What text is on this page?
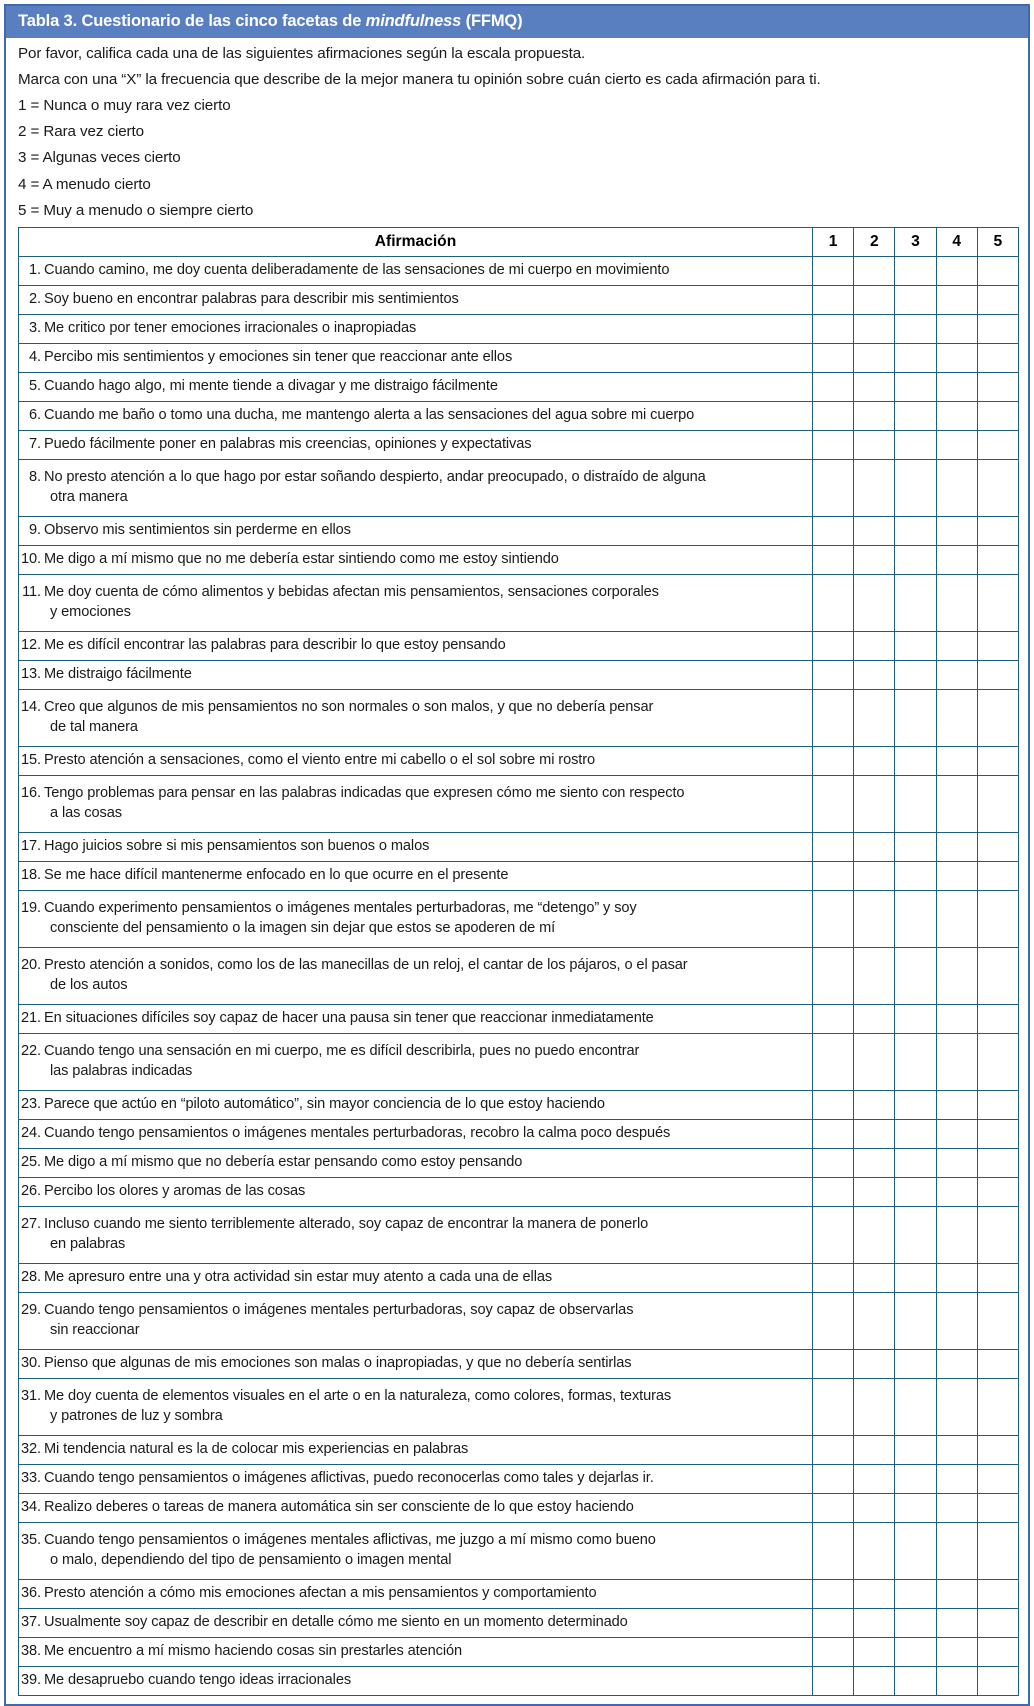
Tabla 3. Cuestionario de las cinco facetas de mindfulness (FFMQ)
Por favor, califica cada una de las siguientes afirmaciones según la escala propuesta.
Marca con una “X” la frecuencia que describe de la mejor manera tu opinión sobre cuán cierto es cada afirmación para ti.
1 = Nunca o muy rara vez cierto
2 = Rara vez cierto
3 = Algunas veces cierto
4 = A menudo cierto
5 = Muy a menudo o siempre cierto
Afirmación	1	2	3	4	5
1. Cuando camino, me doy cuenta deliberadamente de las sensaciones de mi cuerpo en movimiento					
2. Soy bueno en encontrar palabras para describir mis sentimientos					
3. Me critico por tener emociones irracionales o inapropiadas					
4. Percibo mis sentimientos y emociones sin tener que reaccionar ante ellos					
5. Cuando hago algo, mi mente tiende a divagar y me distraigo fácilmente					
6. Cuando me baño o tomo una ducha, me mantengo alerta a las sensaciones del agua sobre mi cuerpo					
7. Puedo fácilmente poner en palabras mis creencias, opiniones y expectativas					
8. No presto atención a lo que hago por estar soñando despierto, andar preocupado, o distraído de alguna
otra manera					

9. Observo mis sentimientos sin perderme en ellos					
10. Me digo a mí mismo que no me debería estar sintiendo como me estoy sintiendo					
11. Me doy cuenta de cómo alimentos y bebidas afectan mis pensamientos, sensaciones corporales
y emociones					

12. Me es difícil encontrar las palabras para describir lo que estoy pensando					
13. Me distraigo fácilmente					
14. Creo que algunos de mis pensamientos no son normales o son malos, y que no debería pensar
de tal manera					

15. Presto atención a sensaciones, como el viento entre mi cabello o el sol sobre mi rostro					
16. Tengo problemas para pensar en las palabras indicadas que expresen cómo me siento con respecto
a las cosas					

17. Hago juicios sobre si mis pensamientos son buenos o malos					
18. Se me hace difícil mantenerme enfocado en lo que ocurre en el presente					
19. Cuando experimento pensamientos o imágenes mentales perturbadoras, me “detengo” y soy
consciente del pensamiento o la imagen sin dejar que estos se apoderen de mí					

20. Presto atención a sonidos, como los de las manecillas de un reloj, el cantar de los pájaros, o el pasar
de los autos					

21. En situaciones difíciles soy capaz de hacer una pausa sin tener que reaccionar inmediatamente					
22. Cuando tengo una sensación en mi cuerpo, me es difícil describirla, pues no puedo encontrar
las palabras indicadas					

23. Parece que actúo en “piloto automático”, sin mayor conciencia de lo que estoy haciendo					
24. Cuando tengo pensamientos o imágenes mentales perturbadoras, recobro la calma poco después					
25. Me digo a mí mismo que no debería estar pensando como estoy pensando					
26. Percibo los olores y aromas de las cosas					
27. Incluso cuando me siento terriblemente alterado, soy capaz de encontrar la manera de ponerlo
en palabras					

28. Me apresuro entre una y otra actividad sin estar muy atento a cada una de ellas					
29. Cuando tengo pensamientos o imágenes mentales perturbadoras, soy capaz de observarlas
sin reaccionar					

30. Pienso que algunas de mis emociones son malas o inapropiadas, y que no debería sentirlas					
31. Me doy cuenta de elementos visuales en el arte o en la naturaleza, como colores, formas, texturas
y patrones de luz y sombra					

32. Mi tendencia natural es la de colocar mis experiencias en palabras					
33. Cuando tengo pensamientos o imágenes aflictivas, puedo reconocerlas como tales y dejarlas ir.					
34. Realizo deberes o tareas de manera automática sin ser consciente de lo que estoy haciendo					
35. Cuando tengo pensamientos o imágenes mentales aflictivas, me juzgo a mí mismo como bueno
o malo, dependiendo del tipo de pensamiento o imagen mental					

36. Presto atención a cómo mis emociones afectan a mis pensamientos y comportamiento					
37. Usualmente soy capaz de describir en detalle cómo me siento en un momento determinado					
38. Me encuentro a mí mismo haciendo cosas sin prestarles atención					
39. Me desapruebo cuando tengo ideas irracionales					
